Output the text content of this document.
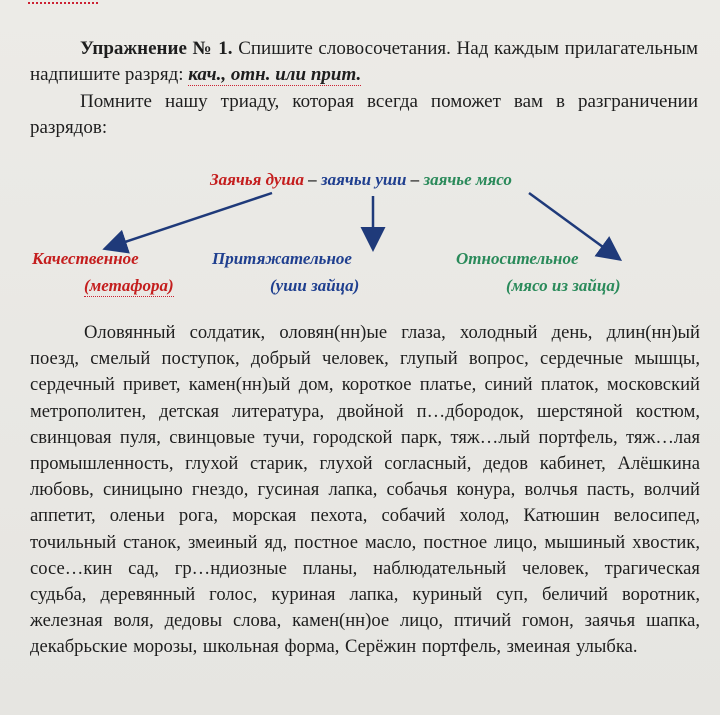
Упражнение № 1. Спишите словосочетания. Над каждым прилагательным надпишите разряд: кач., отн. или прит.
Помните нашу триаду, которая всегда поможет вам в разграничении разрядов:
Заячья душа – заячьи уши – заячье мясо
Качественное
(метафора)
Притяжательное
(уши зайца)
Относительное
(мясо из зайца)
Оловянный солдатик, оловян(нн)ые глаза, холодный день, длин(нн)ый поезд, смелый поступок, добрый человек, глупый вопрос, сердечные мышцы, сердечный привет, камен(нн)ый дом, короткое платье, синий платок, московский метрополитен, детская литература, двойной п…дбородок, шерстяной костюм, свинцовая пуля, свинцовые тучи, городской парк, тяж…лый портфель, тяж…лая промышленность, глухой старик, глухой согласный, дедов кабинет, Алёшкина любовь, синицыно гнездо, гусиная лапка, собачья конура, волчья пасть, волчий аппетит, оленьи рога, морская пехота, собачий холод, Катюшин велосипед, точильный станок, змеиный яд, постное масло, постное лицо, мышиный хвостик, сосе…кин сад, гр…ндиозные планы, наблюдательный человек, трагическая судьба, деревянный голос, куриная лапка, куриный суп, беличий воротник, железная воля, дедовы слова, камен(нн)ое лицо, птичий гомон, заячья шапка, декабрьские морозы, школьная форма, Серёжин портфель, змеиная улыбка.
